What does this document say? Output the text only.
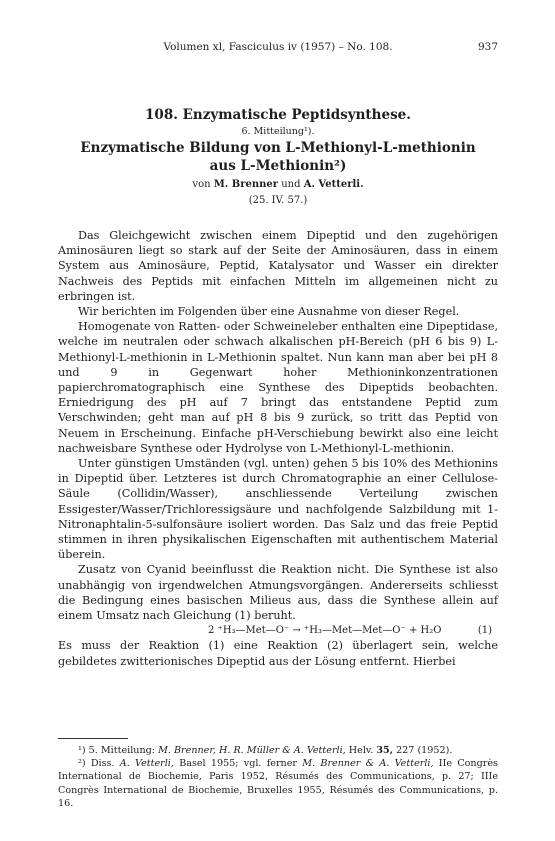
Volumen xl, Fasciculus iv (1957) – No. 108.	937
108. Enzymatische Peptidsynthese.
6. Mitteilung¹).
Enzymatische Bildung von L-Methionyl-L-methionin
aus L-Methionin²)
von M. Brenner und A. Vetterli.
(25. IV. 57.)

Das Gleichgewicht zwischen einem Dipeptid und den zugehörigen Aminosäuren liegt so stark auf der Seite der Aminosäuren, dass in einem System aus Aminosäure, Peptid, Katalysator und Wasser ein direkter Nachweis des Peptids mit einfachen Mitteln im allgemeinen nicht zu erbringen ist.

Wir berichten im Folgenden über eine Ausnahme von dieser Regel.

Homogenate von Ratten- oder Schweineleber enthalten eine Dipeptidase, welche im neutralen oder schwach alkalischen pH-Bereich (pH 6 bis 9) L-Methionyl-L-methionin in L-Methionin spaltet. Nun kann man aber bei pH 8 und 9 in Gegenwart hoher Methioninkonzentrationen papierchromatographisch eine Synthese des Dipeptids beobachten. Erniedrigung des pH auf 7 bringt das entstandene Peptid zum Verschwinden; geht man auf pH 8 bis 9 zurück, so tritt das Peptid von Neuem in Erscheinung. Einfache pH-Verschiebung bewirkt also eine leicht nachweisbare Synthese oder Hydrolyse von L-Methionyl-L-methionin.

Unter günstigen Umständen (vgl. unten) gehen 5 bis 10% des Methionins in Dipeptid über. Letzteres ist durch Chromatographie an einer Cellulose-Säule (Collidin/Wasser), anschliessende Verteilung zwischen Essigester/Wasser/Trichloressigsäure und nachfolgende Salzbildung mit 1-Nitronaphtalin-5-sulfonsäure isoliert worden. Das Salz und das freie Peptid stimmen in ihren physikalischen Eigenschaften mit authentischem Material überein.

Zusatz von Cyanid beeinflusst die Reaktion nicht. Die Synthese ist also unabhängig von irgendwelchen Atmungsvorgängen. Andererseits schliesst die Bedingung eines basischen Milieus aus, dass die Synthese allein auf einem Umsatz nach Gleichung (1) beruht.

2 ⁺H₃—Met—O⁻ → ⁺H₃—Met—Met—O⁻ + H₂O	(1)

Es muss der Reaktion (1) eine Reaktion (2) überlagert sein, welche gebildetes zwitterionisches Dipeptid aus der Lösung entfernt. Hierbei

¹) 5. Mitteilung: M. Brenner, H. R. Müller & A. Vetterli, Helv. 35, 227 (1952).

²) Diss. A. Vetterli, Basel 1955; vgl. ferner M. Brenner & A. Vetterli, IIe Congrès International de Biochemie, Paris 1952, Résumés des Communications, p. 27; IIIe Congrès International de Biochemie, Bruxelles 1955, Résumés des Communications, p. 16.
